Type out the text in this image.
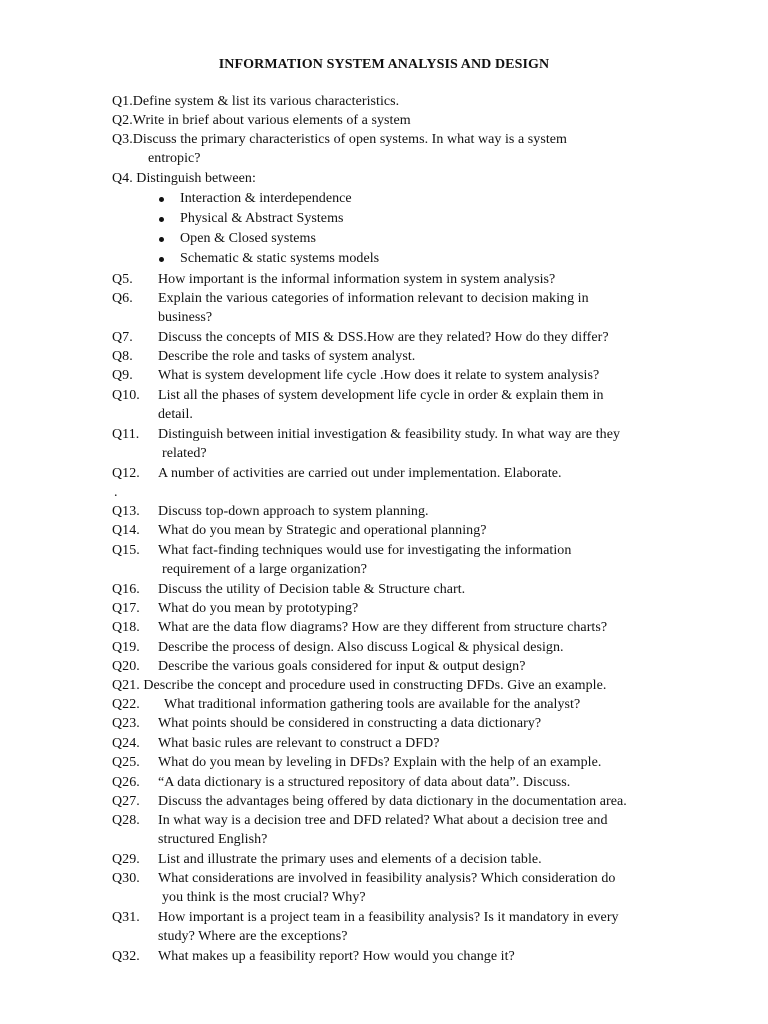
INFORMATION SYSTEM ANALYSIS AND DESIGN
Q1.Define system & list its various characteristics.
Q2.Write in brief about various elements of a system
Q3.Discuss the primary characteristics of open systems. In what way is a system
entropic?
Q4. Distinguish between:
Interaction & interdependence
Physical & Abstract Systems
Open & Closed systems
Schematic & static systems models
Q5. How important is the informal information system in system analysis?
Q6. Explain the various categories of information relevant to decision making in
business?
Q7. Discuss the concepts of MIS & DSS.How are they related? How do they differ?
Q8. Describe the role and tasks of system analyst.
Q9. What is system development life cycle .How does it relate to system analysis?
Q10. List all the phases of system development life cycle in order & explain them in
detail.
Q11. Distinguish between initial investigation & feasibility study. In what way are they
related?
Q12. A number of activities are carried out under implementation. Elaborate.
Q13. Discuss top-down approach to system planning.
Q14. What do you mean by Strategic and operational planning?
Q15. What fact-finding techniques would use for investigating the information
requirement of a large organization?
Q16. Discuss the utility of Decision table & Structure chart.
Q17. What do you mean by prototyping?
Q18. What are the data flow diagrams? How are they different from structure charts?
Q19. Describe the process of design. Also discuss Logical & physical design.
Q20. Describe the various goals considered for input & output design?
Q21. Describe the concept and procedure used in constructing DFDs. Give an example.
Q22. What traditional information gathering tools are available for the analyst?
Q23. What points should be considered in constructing a data dictionary?
Q24. What basic rules are relevant to construct a DFD?
Q25. What do you mean by leveling in DFDs? Explain with the help of an example.
Q26. “A data dictionary is a structured repository of data about data”. Discuss.
Q27. Discuss the advantages being offered by data dictionary in the documentation area.
Q28. In what way is a decision tree and DFD related? What about a decision tree and
structured English?
Q29. List and illustrate the primary uses and elements of a decision table.
Q30. What considerations are involved in feasibility analysis? Which consideration do
you think is the most crucial? Why?
Q31. How important is a project team in a feasibility analysis? Is it mandatory in every
study? Where are the exceptions?
Q32. What makes up a feasibility report? How would you change it?
.
